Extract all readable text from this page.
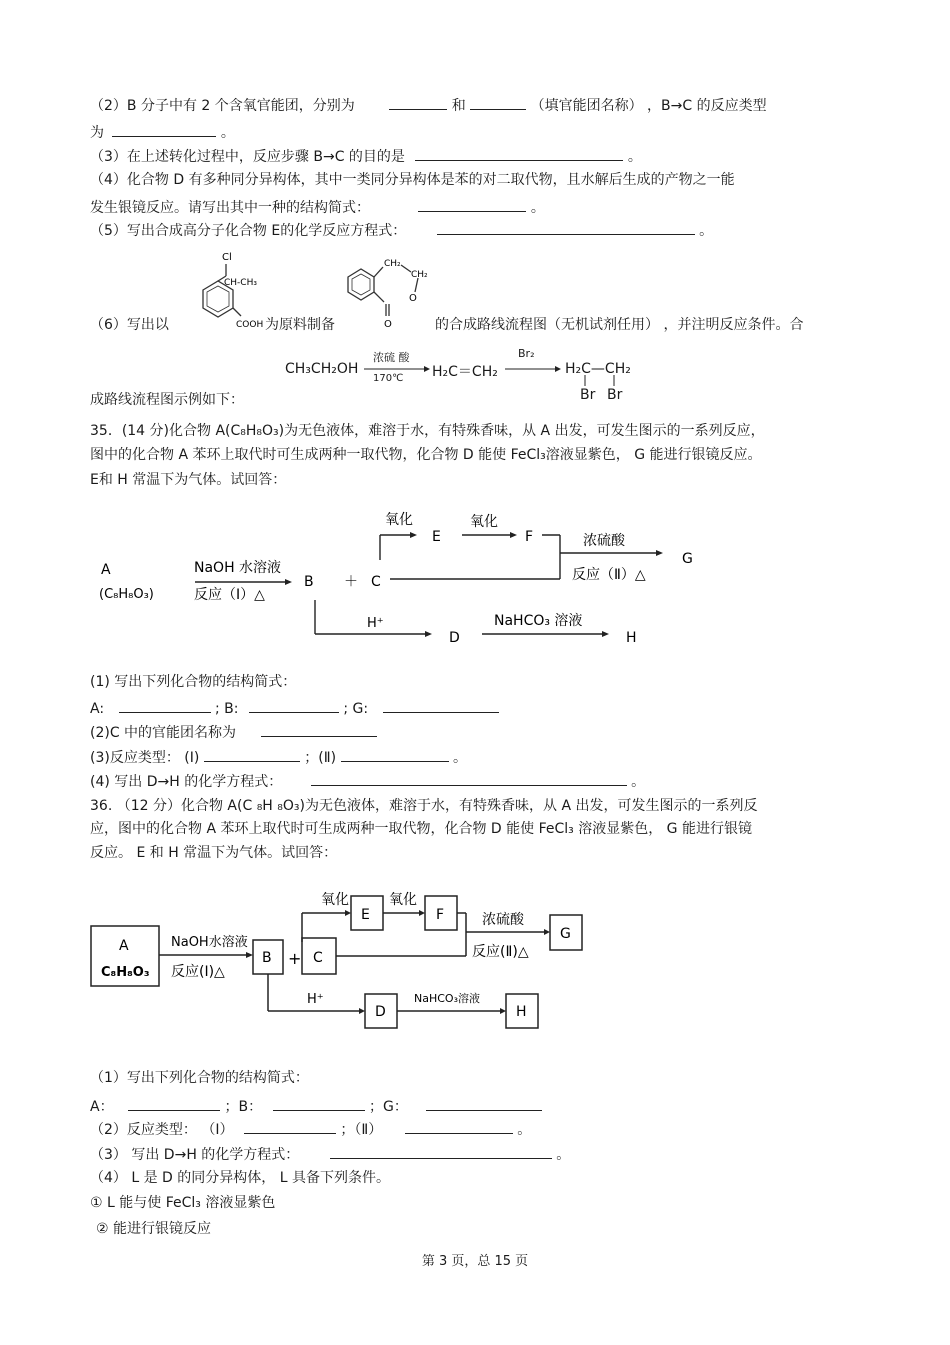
（2）B 分子中有 2 个含氧官能团，分别为	和	（填官能团名称） ，B→C 的反应类型
为	。
（3）在上述转化过程中，反应步骤 B→C 的目的是	。
（4）化合物 D 有多种同分异构体，其中一类同分异构体是苯的对二取代物，且水解后生成的产物之一能
发生银镜反应。请写出其中一种的结构简式：	。
（5）写出合成高分子化合物 E的化学反应方程式：	。
（6）写出以
Cl
CH-CH₃
COOH 为原料制备
CH₂
CH₂
O
O	的合成路线流程图（无机试剂任用） ，并注明反应条件。合
CH₃CH₂OH
浓硫 酸
170℃ H₂C＝CH₂
Br₂
H₂C—CH₂
Br Br
成路线流程图示例如下：
35．(14 分)化合物 A(C₈H₈O₃)为无色液体，难溶于水，有特殊香味，从 A 出发，可发生图示的一系列反应，
图中的化合物 A 苯环上取代时可生成两种一取代物，化合物 D 能使 FeCl₃溶液显紫色， G 能进行银镜反应。
E和 H 常温下为气体。试回答：
A
(C₈H₈O₃)
NaOH 水溶液
反应（Ⅰ）△
B ＋ C
氧化
E
氧化
F	浓硫酸
反应（Ⅱ）△
G
H⁺
D
NaHCO₃ 溶液
H
(1) 写出下列化合物的结构简式：
A:	; B:	; G:
(2)C 中的官能团名称为
(3)反应类型： (Ⅰ)	；(Ⅱ)	。
(4) 写出 D→H 的化学方程式：	。
36. （12 分）化合物 A(C ₈H ₈O₃)为无色液体，难溶于水，有特殊香味，从 A 出发，可发生图示的一系列反
应，图中的化合物 A 苯环上取代时可生成两种一取代物，化合物 D 能使 FeCl₃ 溶液显紫色， G 能进行银镜
反应。 E 和 H 常温下为气体。试回答：
A
C₈H₈O₃
NaOH水溶液
反应(Ⅰ)△
B + C
氧化
E
氧化
F	浓硫酸
反应(Ⅱ)△
G
H⁺
D
NaHCO₃溶液
H
（1）写出下列化合物的结构简式：
A：	；B：	；G：
（2）反应类型： （Ⅰ）	；（Ⅱ）	。
（3） 写出 D→H 的化学方程式：	。
（4） L 是 D 的同分异构体， L 具备下列条件。
① L 能与使 FeCl₃ 溶液显紫色
② 能进行银镜反应
第 3 页，总 15 页
